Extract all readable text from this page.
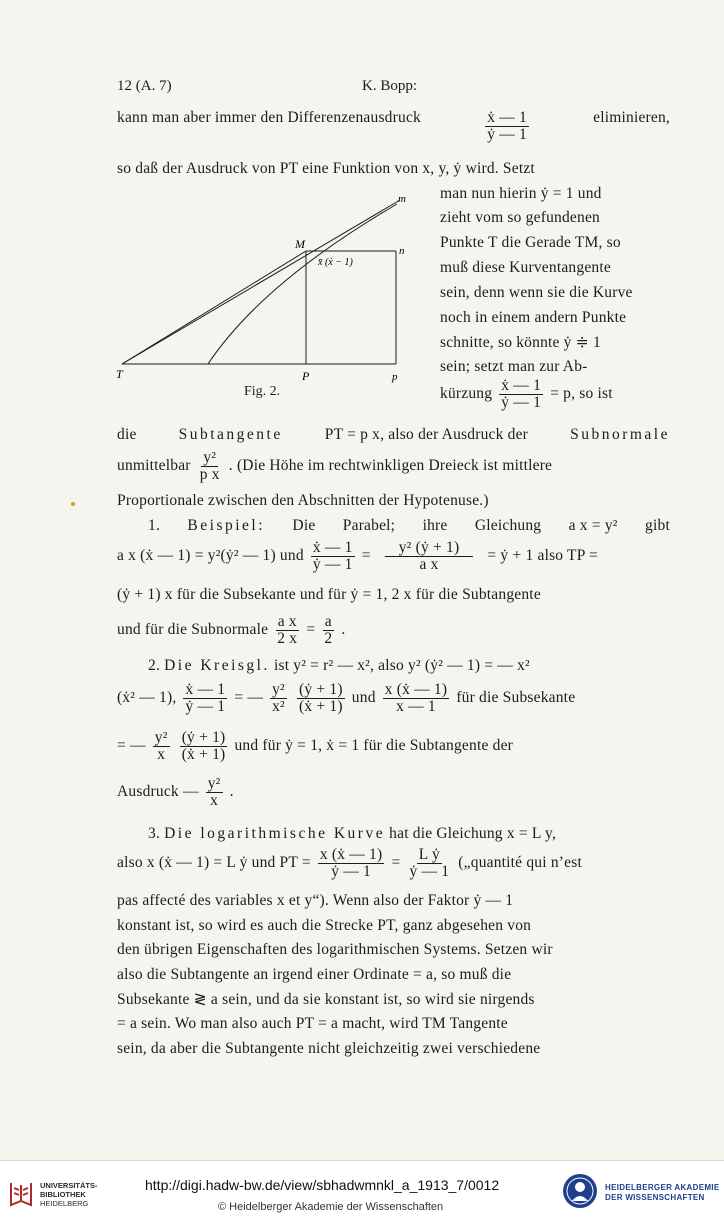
12 (A. 7)	K. Bopp:
kann man aber immer den Differenzenausdruck	$\frac{\text{ẋ — 1}}{\text{ẏ — 1}}$	eliminieren,
so daß der Ausdruck von PT eine Funktion von x, y, ẏ wird. Setzt
m
M	n
x̄ (ẋ − 1)
T	P	p
Fig. 2.
man nun hierin ẏ = 1 und
zieht vom so gefundenen
Punkte T die Gerade TM, so
muß diese Kurventangente
sein, denn wenn sie die Kurve
noch in einem andern Punkte
schnitte, so könnte ẏ ≑ 1
sein; setzt man zur Ab-
kürzung $\frac{\text{ẋ — 1}}{\text{ẏ — 1}} = p$, so ist
die	Subtangente	PT = p x, also der Ausdruck der	Subnormale
unmittelbar $\frac{\text{y²}}{\text{p x}}$ . (Die Höhe im rechtwinkligen Dreieck ist mittlere
Proportionale zwischen den Abschnitten der Hypotenuse.)
1. Beispiel: Die Parabel; ihre Gleichung a x = y² gibt
a x (ẋ — 1) = y²(ẏ² — 1) und $\frac{\text{ẋ — 1}}{\text{ẏ — 1}} = \frac{\text{y² (ẏ + 1)}}{\text{a x}}$ = ẏ + 1 also TP =
(ẏ + 1) x für die Subsekante und für ẏ = 1, 2 x für die Subtangente
und für die Subnormale $\frac{\text{a x}}{2 x} = \frac{a}{2}$ .
2. Die Kreisgl. ist y² = r² — x², also y² (ẏ² — 1) = — x²
(ẋ² — 1), $\frac{\text{ẋ — 1}}{\text{ẏ — 1}}$ = — $\frac{\text{y²}}{\text{x²}}$
$\frac{\text{(ẏ + 1)}}{\text{(ẋ + 1)}}$ und $\frac{\text{x (ẋ — 1)}}{x — 1}$ für die Subsekante
= — $\frac{\text{y²}}{x}$
$\frac{\text{(ẏ + 1)}}{\text{(ẋ + 1)}}$ und für ẏ = 1, ẋ = 1 für die Subtangente der
Ausdruck — $\frac{\text{y²}}{x}$ .
3. Die logarithmische Kurve hat die Gleichung x = L y,
also x (ẋ — 1) = L ẏ und PT = $\frac{\text{x (ẋ — 1)}}{\text{ẏ — 1}} = \frac{\text{L ẏ}}{\text{ẏ — 1}}$ („quantité qui n’est
pas affecté des variables x et y“). Wenn also der Faktor ẏ — 1
konstant ist, so wird es auch die Strecke PT, ganz abgesehen von
den übrigen Eigenschaften des logarithmischen Systems. Setzen wir
also die Subtangente an irgend einer Ordinate = a, so muß die
Subsekante ≷ a sein, und da sie konstant ist, so wird sie nirgends
= a sein. Wo man also auch PT = a macht, wird TM Tangente
sein, da aber die Subtangente nicht gleichzeitig zwei verschiedene
UNIVERSITÄTS-
BIBLIOTHEK
HEIDELBERG
http://digi.hadw-bw.de/view/sbhadwmnkl_a_1913_7/0012
© Heidelberger Akademie der Wissenschaften
HEIDELBERGER AKADEMIE
DER WISSENSCHAFTEN
